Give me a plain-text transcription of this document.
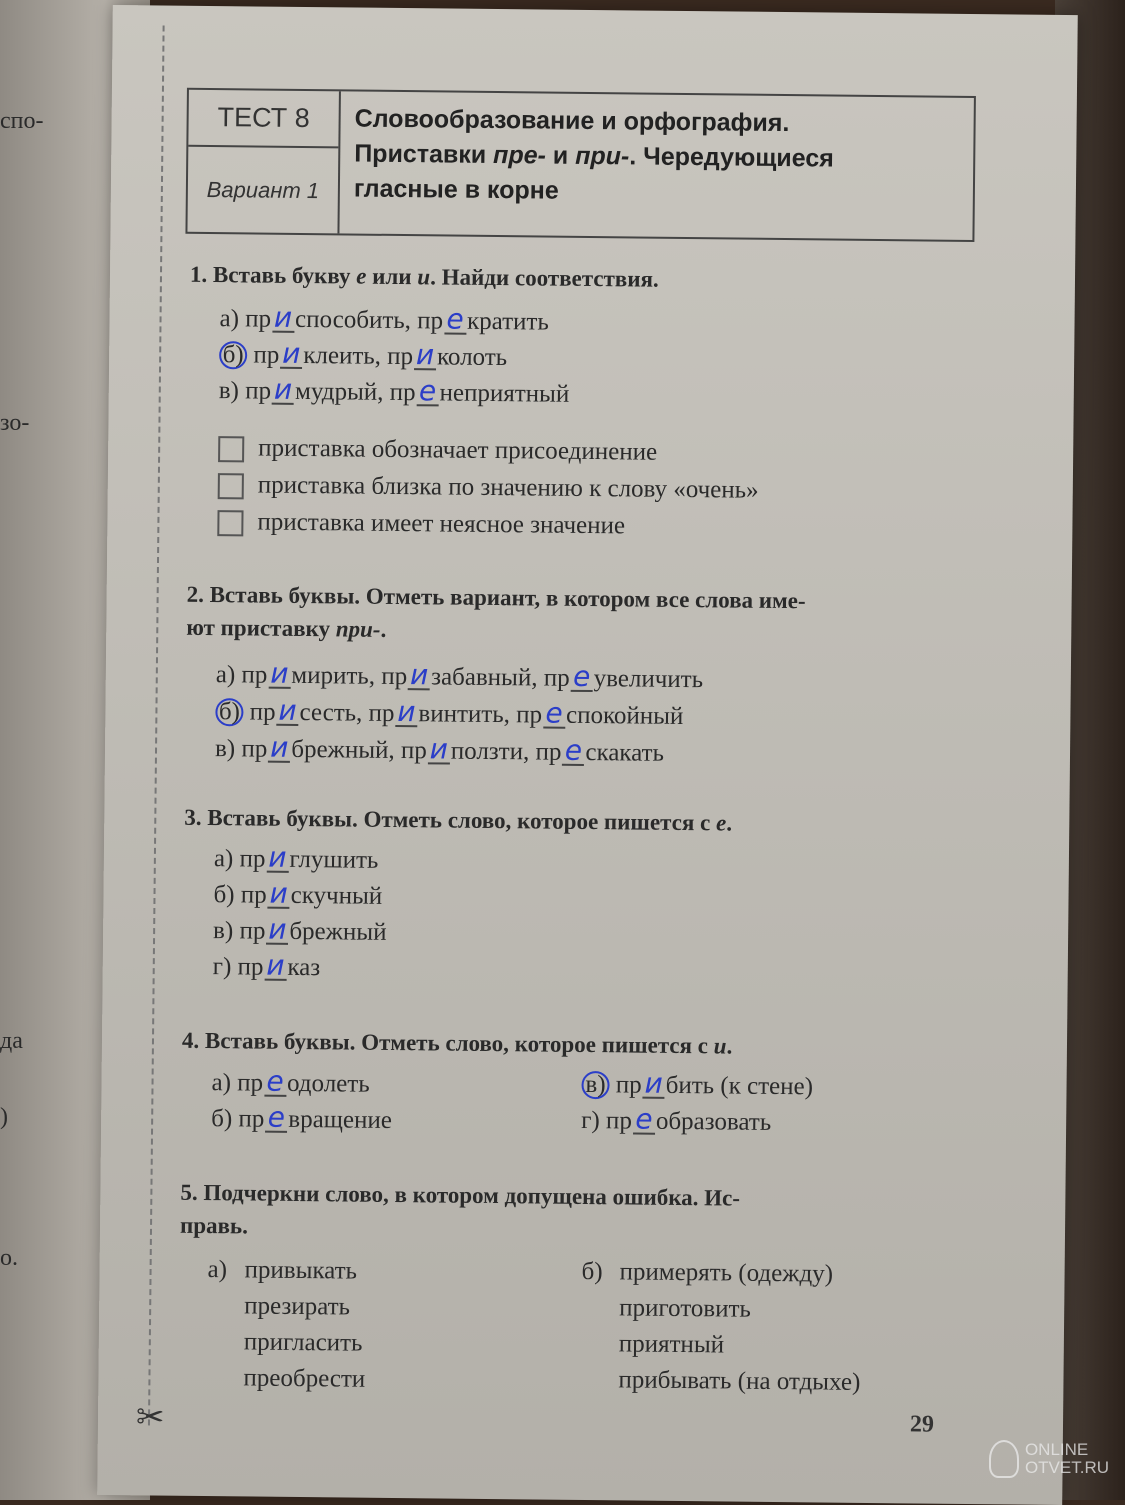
спо-
зо-
да
)
о.
✂
ТЕСТ 8
Вариант 1
Словообразование и орфография.
Приставки пре- и при-. Чередующиеся
гласные в корне
1. Вставь букву е или и. Найди соответствия.
а) при способить, пр е кратить
б) при клеить, при колоть
в) при мудрый, пр е неприятный
приставка обозначает присоединение
приставка близка по значению к слову «очень»
приставка имеет неясное значение
2. Вставь буквы. Отметь вариант, в котором все слова име-
ют приставку при-.
а) при мирить, при забавный, пр е увеличить
б) при сесть, при винтить, пр е спокойный
в) при брежный, при ползти, пр е скакать
3. Вставь буквы. Отметь слово, которое пишется с е.
а) при глушить
б) при скучный
в) при брежный
г) при каз
4. Вставь буквы. Отметь слово, которое пишется с и.
а) пр е одолеть
б) пр е вращение
в) при бить (к стене)
г) пр е образовать
5. Подчеркни слово, в котором допущена ошибка. Ис-
правь.
а) привыкать
презирать
пригласить
преобрести
б) примерять (одежду)
приготовить
приятный
прибывать (на отдыхе)
29
ONLINE
OTVET.RU
